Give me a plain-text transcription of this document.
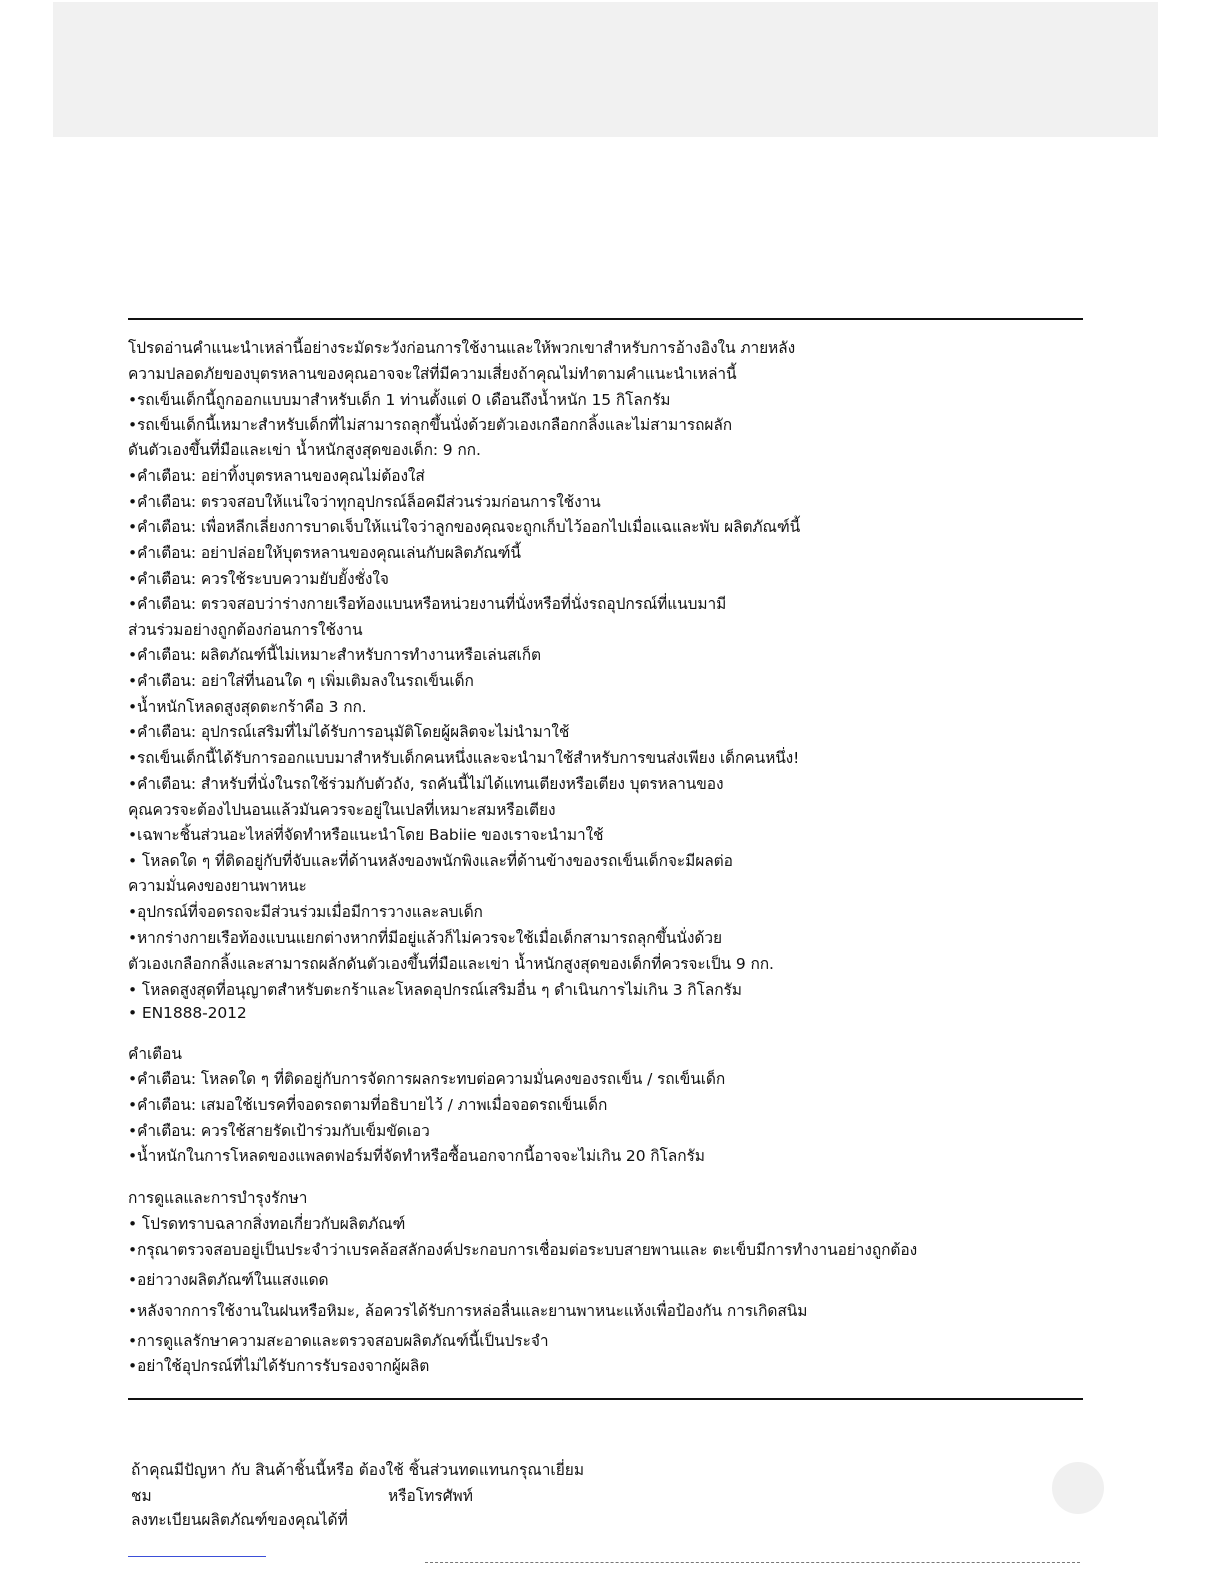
โปรดอ่านคำแนะนำเหล่านี้อย่างระมัดระวังก่อนการใช้งานและให้พวกเขาสำหรับการอ้างอิงใน ภายหลัง
ความปลอดภัยของบุตรหลานของคุณอาจจะใส่ที่มีความเสี่ยงถ้าคุณไม่ทำตามคำแนะนำเหล่านี้
•รถเข็นเด็กนี้ถูกออกแบบมาสำหรับเด็ก 1 ท่านตั้งแต่ 0 เดือนถึงน้ำหนัก 15 กิโลกรัม
•รถเข็นเด็กนี้เหมาะสำหรับเด็กที่ไม่สามารถลุกขึ้นนั่งด้วยตัวเองเกลือกกลิ้งและไม่สามารถผลัก
ดันตัวเองขึ้นที่มือและเข่า น้ำหนักสูงสุดของเด็ก: 9 กก.
•คำเตือน: อย่าทิ้งบุตรหลานของคุณไม่ต้องใส่
•คำเตือน: ตรวจสอบให้แน่ใจว่าทุกอุปกรณ์ล็อคมีส่วนร่วมก่อนการใช้งาน
•คำเตือน: เพื่อหลีกเลี่ยงการบาดเจ็บให้แน่ใจว่าลูกของคุณจะถูกเก็บไว้ออกไปเมื่อแฉและพับ ผลิตภัณฑ์นี้
•คำเตือน: อย่าปล่อยให้บุตรหลานของคุณเล่นกับผลิตภัณฑ์นี้
•คำเตือน: ควรใช้ระบบความยับยั้งชั่งใจ
•คำเตือน: ตรวจสอบว่าร่างกายเรือท้องแบนหรือหน่วยงานที่นั่งหรือที่นั่งรถอุปกรณ์ที่แนบมามี
ส่วนร่วมอย่างถูกต้องก่อนการใช้งาน
•คำเตือน: ผลิตภัณฑ์นี้ไม่เหมาะสำหรับการทำงานหรือเล่นสเก็ต
•คำเตือน: อย่าใส่ที่นอนใด ๆ เพิ่มเติมลงในรถเข็นเด็ก
•น้ำหนักโหลดสูงสุดตะกร้าคือ 3 กก.
•คำเตือน: อุปกรณ์เสริมที่ไม่ได้รับการอนุมัติโดยผู้ผลิตจะไม่นำมาใช้
•รถเข็นเด็กนี้ได้รับการออกแบบมาสำหรับเด็กคนหนึ่งและจะนำมาใช้สำหรับการขนส่งเพียง เด็กคนหนึ่ง!
•คำเตือน: สำหรับที่นั่งในรถใช้ร่วมกับตัวถัง, รถคันนี้ไม่ได้แทนเตียงหรือเตียง บุตรหลานของ
คุณควรจะต้องไปนอนแล้วมันควรจะอยู่ในเปลที่เหมาะสมหรือเตียง
•เฉพาะชิ้นส่วนอะไหล่ที่จัดทำหรือแนะนำโดย Babiie ของเราจะนำมาใช้
• โหลดใด ๆ ที่ติดอยู่กับที่จับและที่ด้านหลังของพนักพิงและที่ด้านข้างของรถเข็นเด็กจะมีผลต่อ
ความมั่นคงของยานพาหนะ
•อุปกรณ์ที่จอดรถจะมีส่วนร่วมเมื่อมีการวางและลบเด็ก
•หากร่างกายเรือท้องแบนแยกต่างหากที่มีอยู่แล้วก็ไม่ควรจะใช้เมื่อเด็กสามารถลุกขึ้นนั่งด้วย
ตัวเองเกลือกกลิ้งและสามารถผลักดันตัวเองขึ้นที่มือและเข่า น้ำหนักสูงสุดของเด็กที่ควรจะเป็น 9 กก.
• โหลดสูงสุดที่อนุญาตสำหรับตะกร้าและโหลดอุปกรณ์เสริมอื่น ๆ ดำเนินการไม่เกิน 3 กิโลกรัม
• EN1888-2012
คำเตือน
•คำเตือน: โหลดใด ๆ ที่ติดอยู่กับการจัดการผลกระทบต่อความมั่นคงของรถเข็น / รถเข็นเด็ก
•คำเตือน: เสมอใช้เบรคที่จอดรถตามที่อธิบายไว้ / ภาพเมื่อจอดรถเข็นเด็ก
•คำเตือน: ควรใช้สายรัดเป้าร่วมกับเข็มขัดเอว
•น้ำหนักในการโหลดของแพลตฟอร์มที่จัดทำหรือซื้อนอกจากนี้อาจจะไม่เกิน 20 กิโลกรัม
การดูแลและการบำรุงรักษา
• โปรดทราบฉลากสิ่งทอเกี่ยวกับผลิตภัณฑ์
•กรุณาตรวจสอบอยู่เป็นประจำว่าเบรคล้อสลักองค์ประกอบการเชื่อมต่อระบบสายพานและ ตะเข็บมีการทำงานอย่างถูกต้อง
•อย่าวางผลิตภัณฑ์ในแสงแดด
•หลังจากการใช้งานในฝนหรือหิมะ, ล้อควรได้รับการหล่อลื่นและยานพาหนะแห้งเพื่อป้องกัน การเกิดสนิม
•การดูแลรักษาความสะอาดและตรวจสอบผลิตภัณฑ์นี้เป็นประจำ
•อย่าใช้อุปกรณ์ที่ไม่ได้รับการรับรองจากผู้ผลิต
ถ้าคุณมีปัญหา กับ สินค้าชิ้นนี้หรือ ต้องใช้ ชิ้นส่วนทดแทนกรุณาเยี่ยม
ชม	หรือโทรศัพท์
ลงทะเบียนผลิตภัณฑ์ของคุณได้ที่
